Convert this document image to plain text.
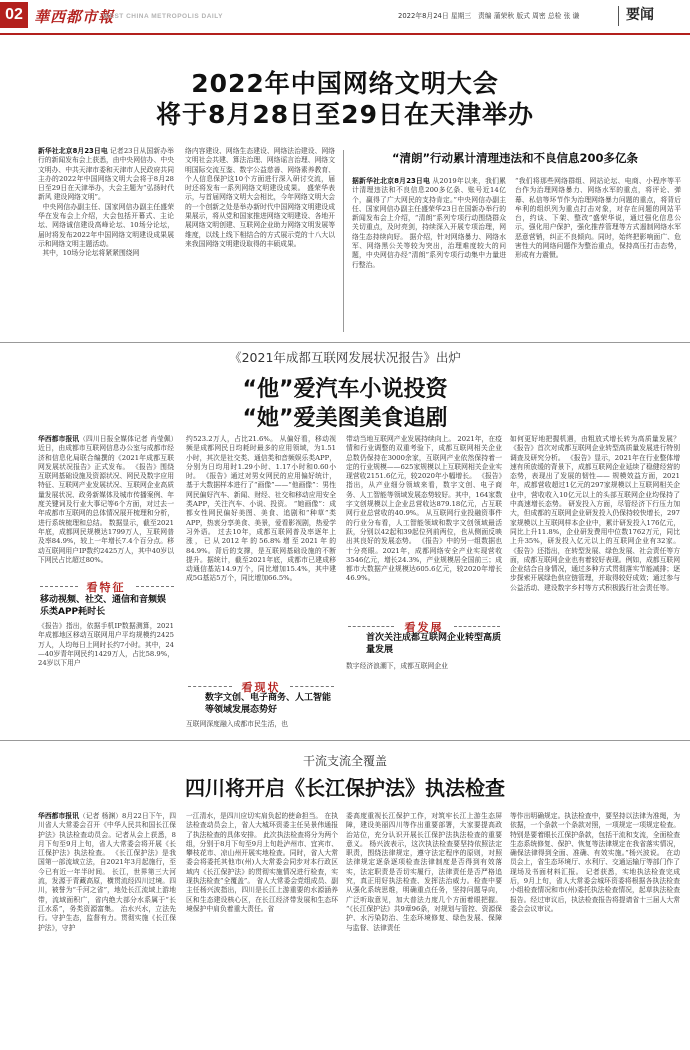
02 華西都市報
WEST CHINA METROPOLIS DAILY	2022年8月24日 星期三　责编 蒲荣秋 版式 周密 总检 张 谦	要闻
2022年中国网络文明大会
将于8月28日至29日在天津举办
新华社北京8月23日电 记者23日从国新办举行的新闻发布会上获悉，由中央网信办、中央文明办、中共天津市委和天津市人民政府共同主办的2022年中国网络文明大会将于8月28日至29日在天津举办，大会主题为“弘扬时代新风 建设网络文明”。
中央网信办副主任、国家网信办副主任盛荣华在发布会上介绍，大会包括开幕式、主论坛、网络诚信建设高峰论坛、10场分论坛，届时将发布2022年中国网络文明建设成果展示和网络文明主题活动。
其中，10场分论坛将紧紧围绕网
络内容建设、网络生态建设、网络法治建设、网络文明社会共建、算法治理、网络谣言治理、网络文明国际交流互鉴、数字公益慈善、网络素养教育、个人信息保护这10个方面进行深入研讨交流，届时还将发布一系列网络文明建设成果。 盛荣华表示，与首届网络文明大会相比，今年网络文明大会的一个创新之处是举办新时代中国网络文明建设成果展示，将从党和国家推进网络文明建设、各地开展网络文明创建、互联网企业助力网络文明发展等维度，以线上线下相结合的方式展示党的十八大以来我国网络文明建设取得的丰硕成果。
“清朗”行动累计清理违法和不良信息200多亿条
据新华社北京8月23日电 从2019年以来，我们累计清理违法和不良信息200多亿条、账号近14亿个，赢得了广大网民的支持肯定。”中央网信办副主任、国家网信办副主任盛荣华23日在国新办举行的新闻发布会上介绍，“清朗”系列专项行动围绕群众关切重点，及时亮剑，持续深入开展专项治理，网络生态持续向好。 据介绍，针对网络暴力、网络水军、网络黑公关等较为突出，治理难度较大的问题，中央网信办经“清朗”系列专项行动集中力量进行整治。
“我们将那些网络群组、网站论坛、电商、小程序等平台作为治理网络暴力、网络水军的重点，将评论、弹幕、私信等环节作为治理网络暴力问题的重点，将背后牟利的组织列为重点打击对象，对存在问题的网站平台，约谈、下架、整改”盛荣华说，通过强化信息公示，强化用户保护，强化推荐管理等方式遏制网络水军恶意营销，纠正不良倾向。同时，始终把影响面广、危害性大的网络问题作为整治重点，保持高压打击态势，形成有力震慑。
《2021年成都互联网发展状况报告》出炉
“他”爱汽车小说投资
“她”爱美图美食追剧
华西都市报讯（四川日报全媒体记者 肖莹佩）近日，由成都市互联网信息办公室与成都市经济和信息化局联合编撰的《2021年成都互联网发展状况报告》正式发布。 《报告》围绕互联网基础设施及资源状况、网民及数字应用特征、互联网产业发展状况、互联网企业高质量发展状况、政务新媒体及城市传播案例、年度关键词及行业大事记等6个方面，对过去一年成都市互联网的总体情况展开梳理和分析，进行系统梳理和总结。 数据显示，截至2021年底，成都网民规模达1799万人，互联网普及率84.9%，较上一年增长7.4个百分点。移动互联网用户IP数约2425万人，其中40岁以下网民占比超过80%。
看特征
移动视频、社交、通信和音频娱乐类APP耗时长
《报告》指出，依据手机IP数据测算，2021年成都地区移动互联网用户平均规模约2425万人，人均每日上网时长约7小时。其中，24—40岁青年网民约1429万人，占比58.9%，24岁以下用户
约523.2万人，占比21.6%。 从偏好看，移动视频是成都网民日均耗时最多的应用领域，为1.51小时，其次是社交类、通信类和音频娱乐类APP，分别为日均用时1.29小时、1.17小时和0.60小时。 《报告》通过对男女网民的应用偏好统计，基于大数据样本进行了“画像”——“他画像”：男性网民偏好汽车、新闻、财经、社交和移动应用安全类APP，关注汽车、小说、投资。 “她画像”：成都女性网民偏好美图、美食、追剧和“种草”类APP，热衷分享美食、美景，爱看影视剧，热爱学习外语。 过去10年，成都互联网普及率逐年上涨，已从2012年的56.8%增至2021年的84.9%。背后的支撑，是互联网基础设施的不断提升。据统计，截至2021年底，成都市已建成移动通信基站14.9万个，同比增加15.4%，其中建成5G基站5万个，同比增加66.5%。
看现状
数字文创、电子商务、人工智能等领域发展态势好
互联网深度融入成都市民生活，也
带动当地互联网产业发展持续向上。 2021年，在疫情和行业调整的双重考验下，成都互联网相关企业总数仍保持在3000余家，互联网产业依然保持着一定的行业规模——625家规模以上互联网相关企业实现营收2151.6亿元，较2020年小幅增长。 《报告》指出，从产业细分领域来看，数字文创、电子商务、人工智能等领域发展态势较好。其中，164家数字文创规模以上企业总营收达879.18亿元，占互联网行业总营收的40.9%。 从互联网行业投融资事件的行业分布看，人工智能领域和数字文创领域最活跃，分别以42起和39起位列前两位，也从侧面反映出其良好的发展态势。 《报告》中的另一组数据也十分亮眼。2021年，成都网络安全产业实现营收3546亿元，增长24.3%，产业规模居全国前三；成都市大数据产业规模达605.6亿元，较2020年增长46.9%。
看发展
首次关注成都互联网企业转型高质量发展
数字经济浪潮下，成都互联网企业
如何更好地把握机遇，由粗放式增长转为高质量发展？ 《报告》首次对成都互联网企业转型高质量发展进行特别调查及研究分析。 《报告》显示，2021年在行业整体增速有所放缓的背景下，成都互联网企业延续了稳健经营的态势，表现出了发展的韧性—— 规模效益方面，2021年，成都营收超过1亿元的297家规模以上互联网相关企业中，营收收入10亿元以上的头部互联网企业均保持了中高速增长态势。 研发投入方面，尽管经济下行压力加大，但成都的互联网企业研发投入仍保持较快增长，297家规模以上互联网样本企业中，累计研发投入176亿元，同比上升11.8%，企业研发费用中位数1762万元，同比上升35%，研发投入亿元以上的互联网企业有32家。 《报告》还指出，在转型发展、绿色发展、社会责任等方面，成都互联网企业也有着较好表现。例如，成都互联网企业结合自身情况，通过多种方式贯彻落实节能减排；逐步探索开展绿色供应链管理，并取得较好成效；通过参与公益活动、建设数字乡村等方式积极践行社会责任等。
干流支流全覆盖
四川将开启《长江保护法》执法检查
华西都市报讯（记者 杨渊）8月22日下午，四川省人大常委会召开《中华人民共和国长江保护法》执法检查动员会。记者从会上获悉，8月下旬至9月上旬，省人大常委会将开展《长江保护法》执法检查。 《长江保护法》是我国第一部流域立法，自2021年3月起施行，至今已有近一年半时间。 长江，世界第三大河流，发源于青藏高原，横贯流经四川过境。四川，被誉为“千河之省”，地处长江流域上游地带，流域面积广，省内绝大部分水系属于“长江水系”，务类资源富集。 治水兴水，立法先行。守护生态，监督有力。贯彻实施《长江保护法》，守护
一江清水，是四川应切实肩负起的使命担当。 在执法检查动员会上，省人大城环资委主任吴景伟通报了执法检查的具体安排。 此次执法检查将分为两个组，分别于8月下旬至9月上旬赴泸州市、宜宾市、攀枝花市、凉山州开展实地检查。同时，省人大常委会将委托其他市(州)人大常委会同步对本行政区域内《长江保护法》的贯彻实施情况进行检查，实现执法检查“全覆盖”。 省人大常委会党组成员、副主任杨兴波指出，四川是长江上游重要的水源涵养区和生态建设核心区，在长江经济带发展和生态环境保护中肩负着重大责任。省
委高度重视长江保护工作，对筑牢长江上游生态屏障，建设美丽四川等作出重要部署，大家要提高政治站位，充分认识开展长江保护法执法检查的重要意义。 杨兴波表示，这次执法检查要坚持依照法定职责，围绕法律规定，遵守法定程序的原则，对照法律规定逐条逐项检查法律制度是否得到有效落实，法定职责是否切实履行，法律责任是否严格追究，真正用好执法检查、发挥法治威力。检查中要从强化系统思维，明确重点任务，坚持问题导向，广泛听取意见，加大普法力度几个方面着眼把握。 “《长江保护法》共9章96条，对规划与管控、资源保护、水污染防治、生态环境修复、绿色发展、保障与监督、法律责任
等作出明确规定。执法检查中，要坚持以法律为准绳，为依据，一个条款一个条款对照，一项规定一项规定检查。特别是要着眼长江保护条款，包括干流和支流，全面检查生态系统修复、保护、恢复等法律规定在我省落实情况，确保法律得到全面、准确、有效实施。”杨兴波说。 在动员会上，省生态环境厅、水利厅、交通运输厅等部门作了现场及书面材料汇报。 记者获悉，实地执法检查完成后，9月上旬，省人大常委会城环资委将根据各执法检查小组检查情况和市(州)委托执法检查情况，起草执法检查报告。经过审议后，执法检查报告将提请省十三届人大常委会会议审议。
